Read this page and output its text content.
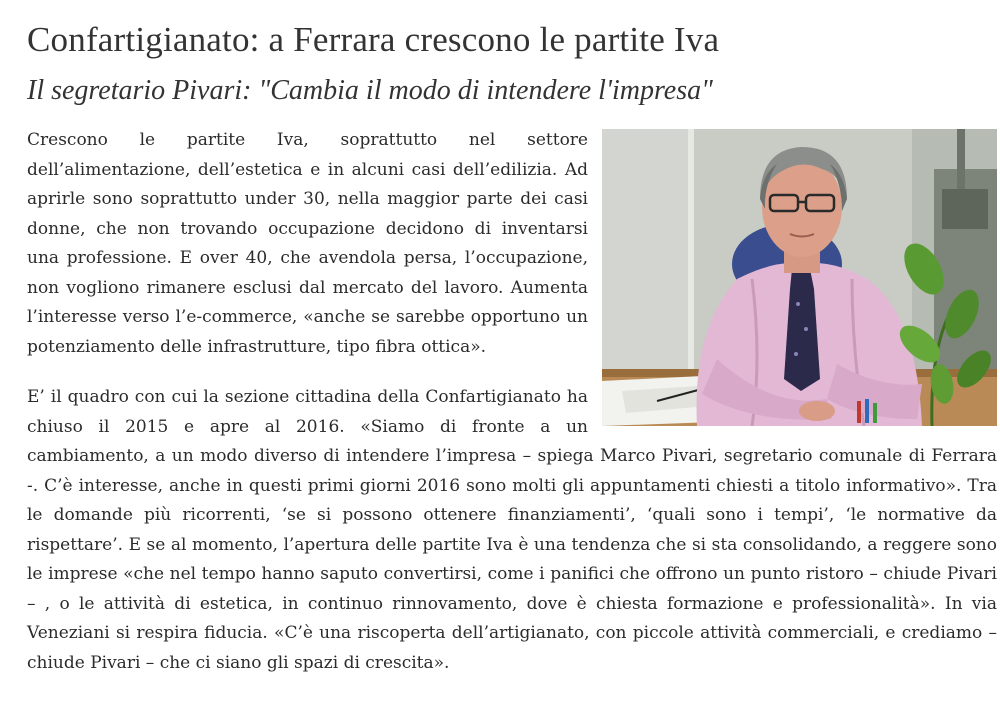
Confartigianato: a Ferrara crescono le partite Iva
Il segretario Pivari: "Cambia il modo di intendere l'impresa"

Crescono le partite Iva, soprattutto nel settore dell’alimentazione, dell’estetica e in alcuni casi dell’edilizia. Ad aprirle sono soprattutto under 30, nella maggior parte dei casi donne, che non trovando occupazione decidono di inventarsi una professione. E over 40, che avendola persa, l’occupazione, non vogliono rimanere esclusi dal mercato del lavoro. Aumenta l’interesse verso l’e-commerce, «anche se sarebbe opportuno un potenziamento delle infrastrutture, tipo fibra ottica».

E’ il quadro con cui la sezione cittadina della Confartigianato ha chiuso il 2015 e apre al 2016. «Siamo di fronte a un cambiamento, a un modo diverso di intendere l’impresa – spiega Marco Pivari, segretario comunale di Ferrara -. C’è interesse, anche in questi primi giorni 2016 sono molti gli appuntamenti chiesti a titolo informativo». Tra le domande più ricorrenti, ‘se si possono ottenere finanziamenti’, ‘quali sono i tempi’, ‘le normative da rispettare’. E se al momento, l’apertura delle partite Iva è una tendenza che si sta consolidando, a reggere sono le imprese «che nel tempo hanno saputo convertirsi, come i panifici che offrono un punto ristoro – chiude Pivari – , o le attività di estetica, in continuo rinnovamento, dove è chiesta formazione e professionalità». In via Veneziani si respira fiducia. «C’è una riscoperta dell’artigianato, con piccole attività commerciali, e crediamo – chiude Pivari – che ci siano gli spazi di crescita».
